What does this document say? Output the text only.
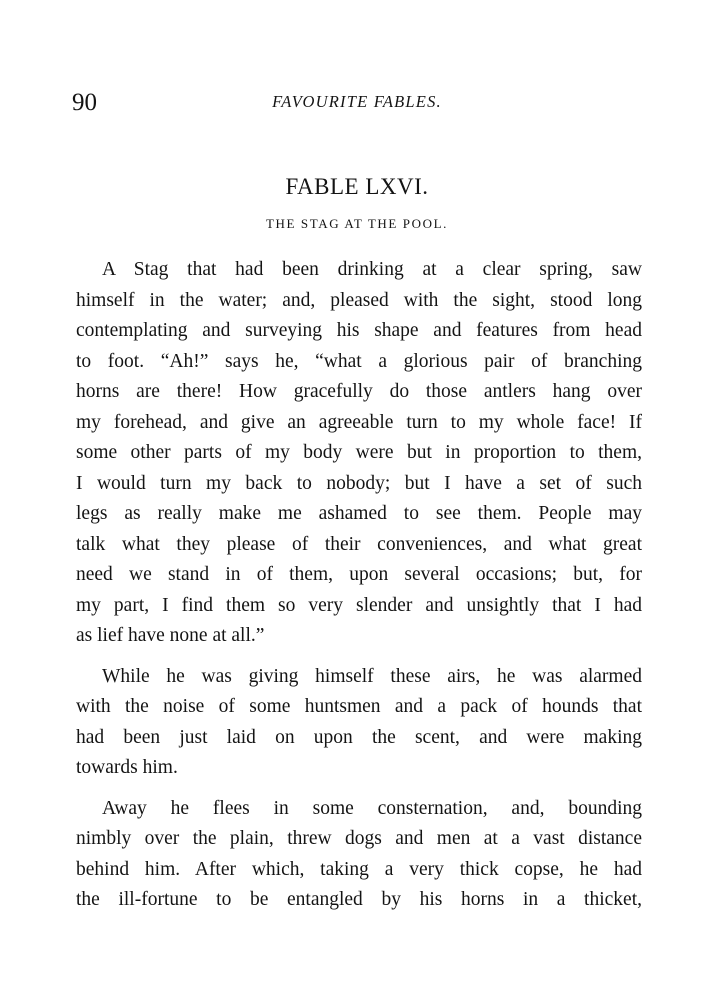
90	FAVOURITE FABLES.
FABLE LXVI.
THE STAG AT THE POOL.

A Stag that had been drinking at a clear spring, saw
himself in the water; and, pleased with the sight, stood long
contemplating and surveying his shape and features from head
to foot. “Ah!” says he, “what a glorious pair of branching
horns are there! How gracefully do those antlers hang over
my forehead, and give an agreeable turn to my whole face! If
some other parts of my body were but in proportion to them,
I would turn my back to nobody; but I have a set of such
legs as really make me ashamed to see them. People may
talk what they please of their conveniences, and what great
need we stand in of them, upon several occasions; but, for
my part, I find them so very slender and unsightly that I had
as lief have none at all.”

While he was giving himself these airs, he was alarmed
with the noise of some huntsmen and a pack of hounds that
had been just laid on upon the scent, and were making
towards him.

Away he flees in some consternation, and, bounding
nimbly over the plain, threw dogs and men at a vast distance
behind him. After which, taking a very thick copse, he had
the ill-fortune to be entangled by his horns in a thicket,
